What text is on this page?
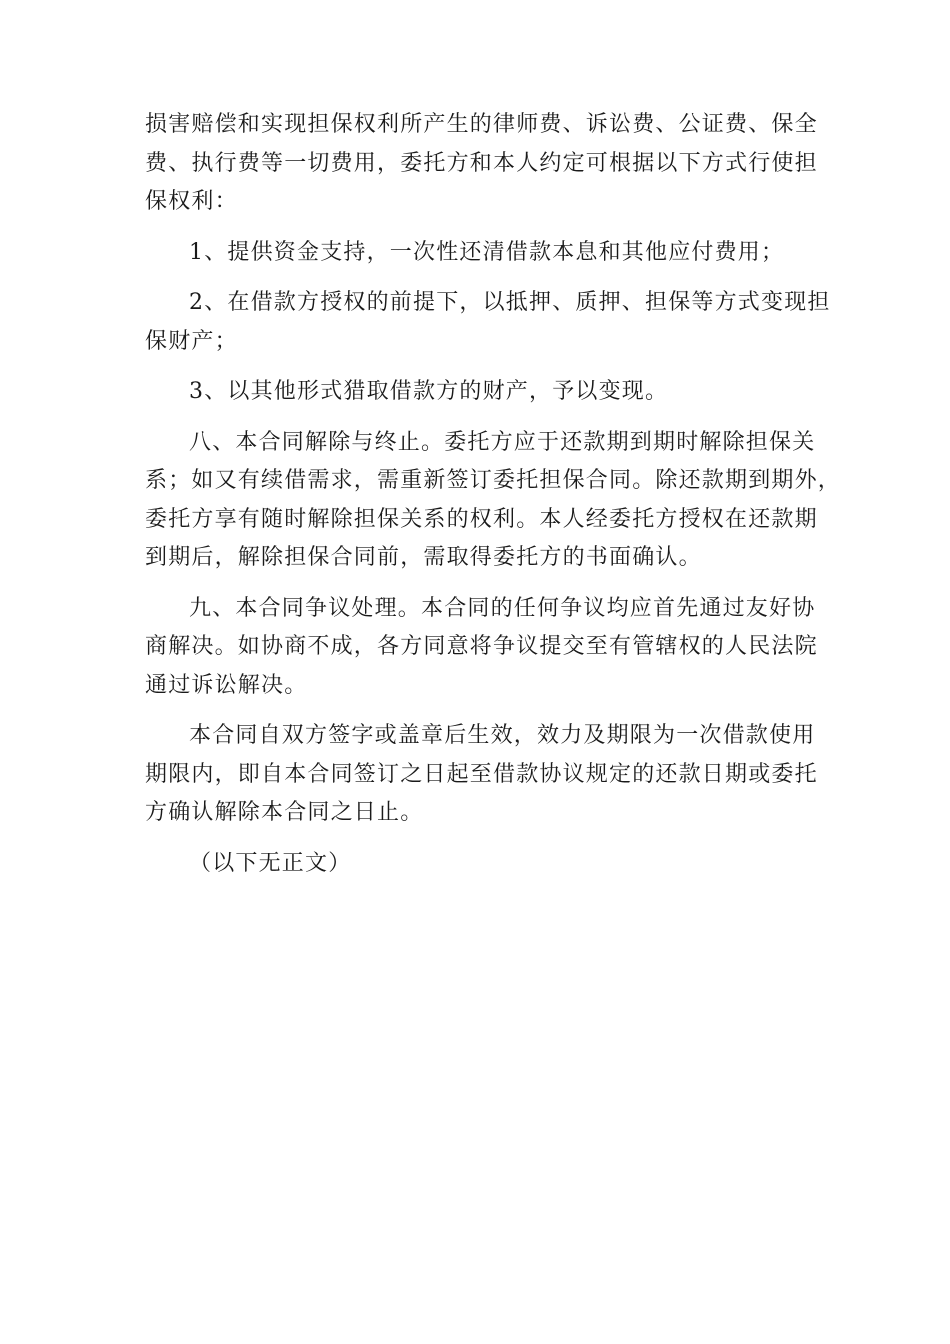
损害赔偿和实现担保权利所产生的律师费、诉讼费、公证费、保全
费、执行费等一切费用，委托方和本人约定可根据以下方式行使担
保权利：
1、提供资金支持，一次性还清借款本息和其他应付费用；
2、在借款方授权的前提下，以抵押、质押、担保等方式变现担
保财产；
3、以其他形式猎取借款方的财产，予以变现。
八、本合同解除与终止。委托方应于还款期到期时解除担保关
系；如又有续借需求，需重新签订委托担保合同。除还款期到期外，
委托方享有随时解除担保关系的权利。本人经委托方授权在还款期
到期后，解除担保合同前，需取得委托方的书面确认。
九、本合同争议处理。本合同的任何争议均应首先通过友好协
商解决。如协商不成，各方同意将争议提交至有管辖权的人民法院
通过诉讼解决。
本合同自双方签字或盖章后生效，效力及期限为一次借款使用
期限内，即自本合同签订之日起至借款协议规定的还款日期或委托
方确认解除本合同之日止。
（以下无正文）
